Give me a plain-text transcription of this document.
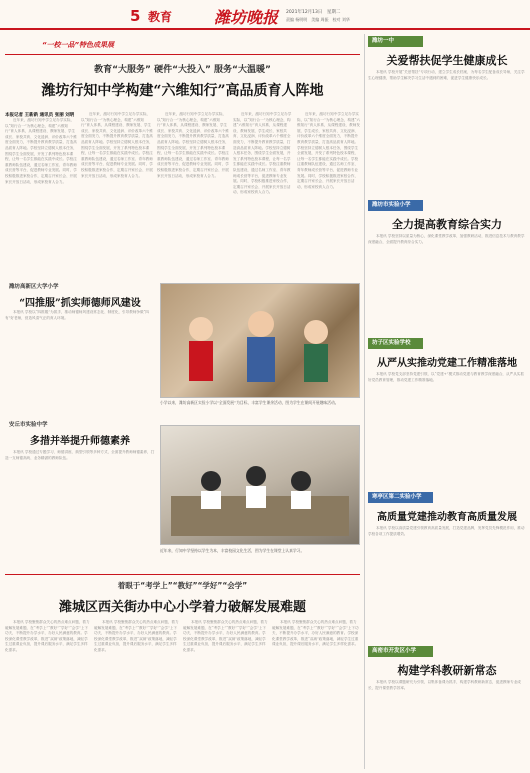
5 教育	潍坊晚报 2021年12月13日　星期二
责编 杨明明　美编 周振　校对 刘华
“一校一品”特色成果展
教育“大服务” 硬件“大投入” 服务“大温暖”
潍坊行知中学构建“六维知行”高品质育人阵地
本报记者 王新新 通讯员 张丽 刘明

近年来，潍坊行知中学立足办学实际，以“知行合一”为核心理念，构建“六维知行”育人体系，从课程建设、教师发展、学生成长、家校共育、文化浸润、评价改革六个维度全面发力，不断提升教育教学质量，打造高品质育人阵地。学校坚持立德树人根本任务，围绕学生全面发展，开发了系列特色校本课程，让每一名学生都能在实践中成长。学校注重教师队伍建设，通过名师工作室、青年教师成长营等平台，促进教师专业发展。同时，学校积极推进家校合作，定期召开家长会、开展家长开放日活动，形成家校育人合力。

近年来，潍坊行知中学立足办学实际，以“知行合一”为核心理念，构建“六维知行”育人体系，从课程建设、教师发展、学生成长、家校共育、文化浸润、评价改革六个维度全面发力，不断提升教育教学质量，打造高品质育人阵地。学校坚持立德树人根本任务，围绕学生全面发展，开发了系列特色校本课程，让每一名学生都能在实践中成长。学校注重教师队伍建设，通过名师工作室、青年教师成长营等平台，促进教师专业发展。同时，学校积极推进家校合作，定期召开家长会、开展家长开放日活动，形成家校育人合力。

近年来，潍坊行知中学立足办学实际，以“知行合一”为核心理念，构建“六维知行”育人体系，从课程建设、教师发展、学生成长、家校共育、文化浸润、评价改革六个维度全面发力，不断提升教育教学质量，打造高品质育人阵地。学校坚持立德树人根本任务，围绕学生全面发展，开发了系列特色校本课程，让每一名学生都能在实践中成长。学校注重教师队伍建设，通过名师工作室、青年教师成长营等平台，促进教师专业发展。同时，学校积极推进家校合作，定期召开家长会、开展家长开放日活动，形成家校育人合力。

近年来，潍坊行知中学立足办学实际，以“知行合一”为核心理念，构建“六维知行”育人体系，从课程建设、教师发展、学生成长、家校共育、文化浸润、评价改革六个维度全面发力，不断提升教育教学质量，打造高品质育人阵地。学校坚持立德树人根本任务，围绕学生全面发展，开发了系列特色校本课程，让每一名学生都能在实践中成长。学校注重教师队伍建设，通过名师工作室、青年教师成长营等平台，促进教师专业发展。同时，学校积极推进家校合作，定期召开家长会、开展家长开放日活动，形成家校育人合力。

近年来，潍坊行知中学立足办学实际，以“知行合一”为核心理念，构建“六维知行”育人体系，从课程建设、教师发展、学生成长、家校共育、文化浸润、评价改革六个维度全面发力，不断提升教育教学质量，打造高品质育人阵地。学校坚持立德树人根本任务，围绕学生全面发展，开发了系列特色校本课程，让每一名学生都能在实践中成长。学校注重教师队伍建设，通过名师工作室、青年教师成长营等平台，促进教师专业发展。同时，学校积极推进家校合作，定期召开家长会、开展家长开放日活动，形成家校育人合力。

潍坊高新区大学小学
“四推服”抓实师德师风建设

本报讯 学校以“四推服”为抓手，推动师德师风建设常态化、制度化，引导教师争做“四有”好老师，营造风清气正的育人环境。

小学以来，潍坊高新区实验小学以“全面发展”为目标，丰富学生课余活动，图为学生在课间开展趣味活动。
安丘市实验中学
多措并举提升师德素养

本报讯 学校通过专题学习、师德讲座、典型引领等多种方式，全面提升教师师德素养，打造一支师德高尚、业务精湛的教师队伍。

近年来，行知中学坚持以学生为本，丰富校园文化生活，图为学生在课堂上认真学习。
着眼于“考学上”“教好”“学好”“会学”
潍城区西关街办中心小学着力破解发展难题

本报讯 学校聚焦群众关心的热点难点问题，着力破解发展难题，在“考学上”“教好”“学好”“会学”上下功夫，不断提升办学水平，办好人民满意的教育。学校深化课堂教学改革，推进“双减”政策落地，减轻学生过重课业负担，提升课后服务水平，满足学生多样化需求。

本报讯 学校聚焦群众关心的热点难点问题，着力破解发展难题，在“考学上”“教好”“学好”“会学”上下功夫，不断提升办学水平，办好人民满意的教育。学校深化课堂教学改革，推进“双减”政策落地，减轻学生过重课业负担，提升课后服务水平，满足学生多样化需求。

本报讯 学校聚焦群众关心的热点难点问题，着力破解发展难题，在“考学上”“教好”“学好”“会学”上下功夫，不断提升办学水平，办好人民满意的教育。学校深化课堂教学改革，推进“双减”政策落地，减轻学生过重课业负担，提升课后服务水平，满足学生多样化需求。

本报讯 学校聚焦群众关心的热点难点问题，着力破解发展难题，在“考学上”“教好”“学好”“会学”上下功夫，不断提升办学水平，办好人民满意的教育。学校深化课堂教学改革，推进“双减”政策落地，减轻学生过重课业负担，提升课后服务水平，满足学生多样化需求。

潍坊一中
关爱帮扶促学生健康成长

本报讯 学校开展“关爱帮扶”专项行动，建立学生成长档案，为每名学生配备成长导师，关注学生心理健康，帮助学生解决学习生活中遇到的困难，促进学生健康快乐成长。

潍坊市实验小学
全力提高教育综合实力

本报讯 学校坚持以质量为核心，深化课堂教学改革，加强教研活动，推进信息技术与教育教学深度融合，全面提升教育综合实力。

坊子区实验学校
从严从实推动党建工作精准落地

本报讯 学校党支部坚持党建引领，以“党建+”模式推动党建与教育教学深度融合，从严从实抓好党员教育管理，推动党建工作精准落地。

寒亭区第二实验小学
高质量党建推动教育高质量发展

本报讯 学校以高质量党建引领教育高质量发展，打造党建品牌，发挥党员先锋模范作用，推动学校各项工作提质增效。

高密市开发区小学
构建学科教研新常态

本报讯 学校以课题研究为引领，以集体备课为抓手，构建学科教研新常态，促进教师专业成长，提升课堂教学效率。
